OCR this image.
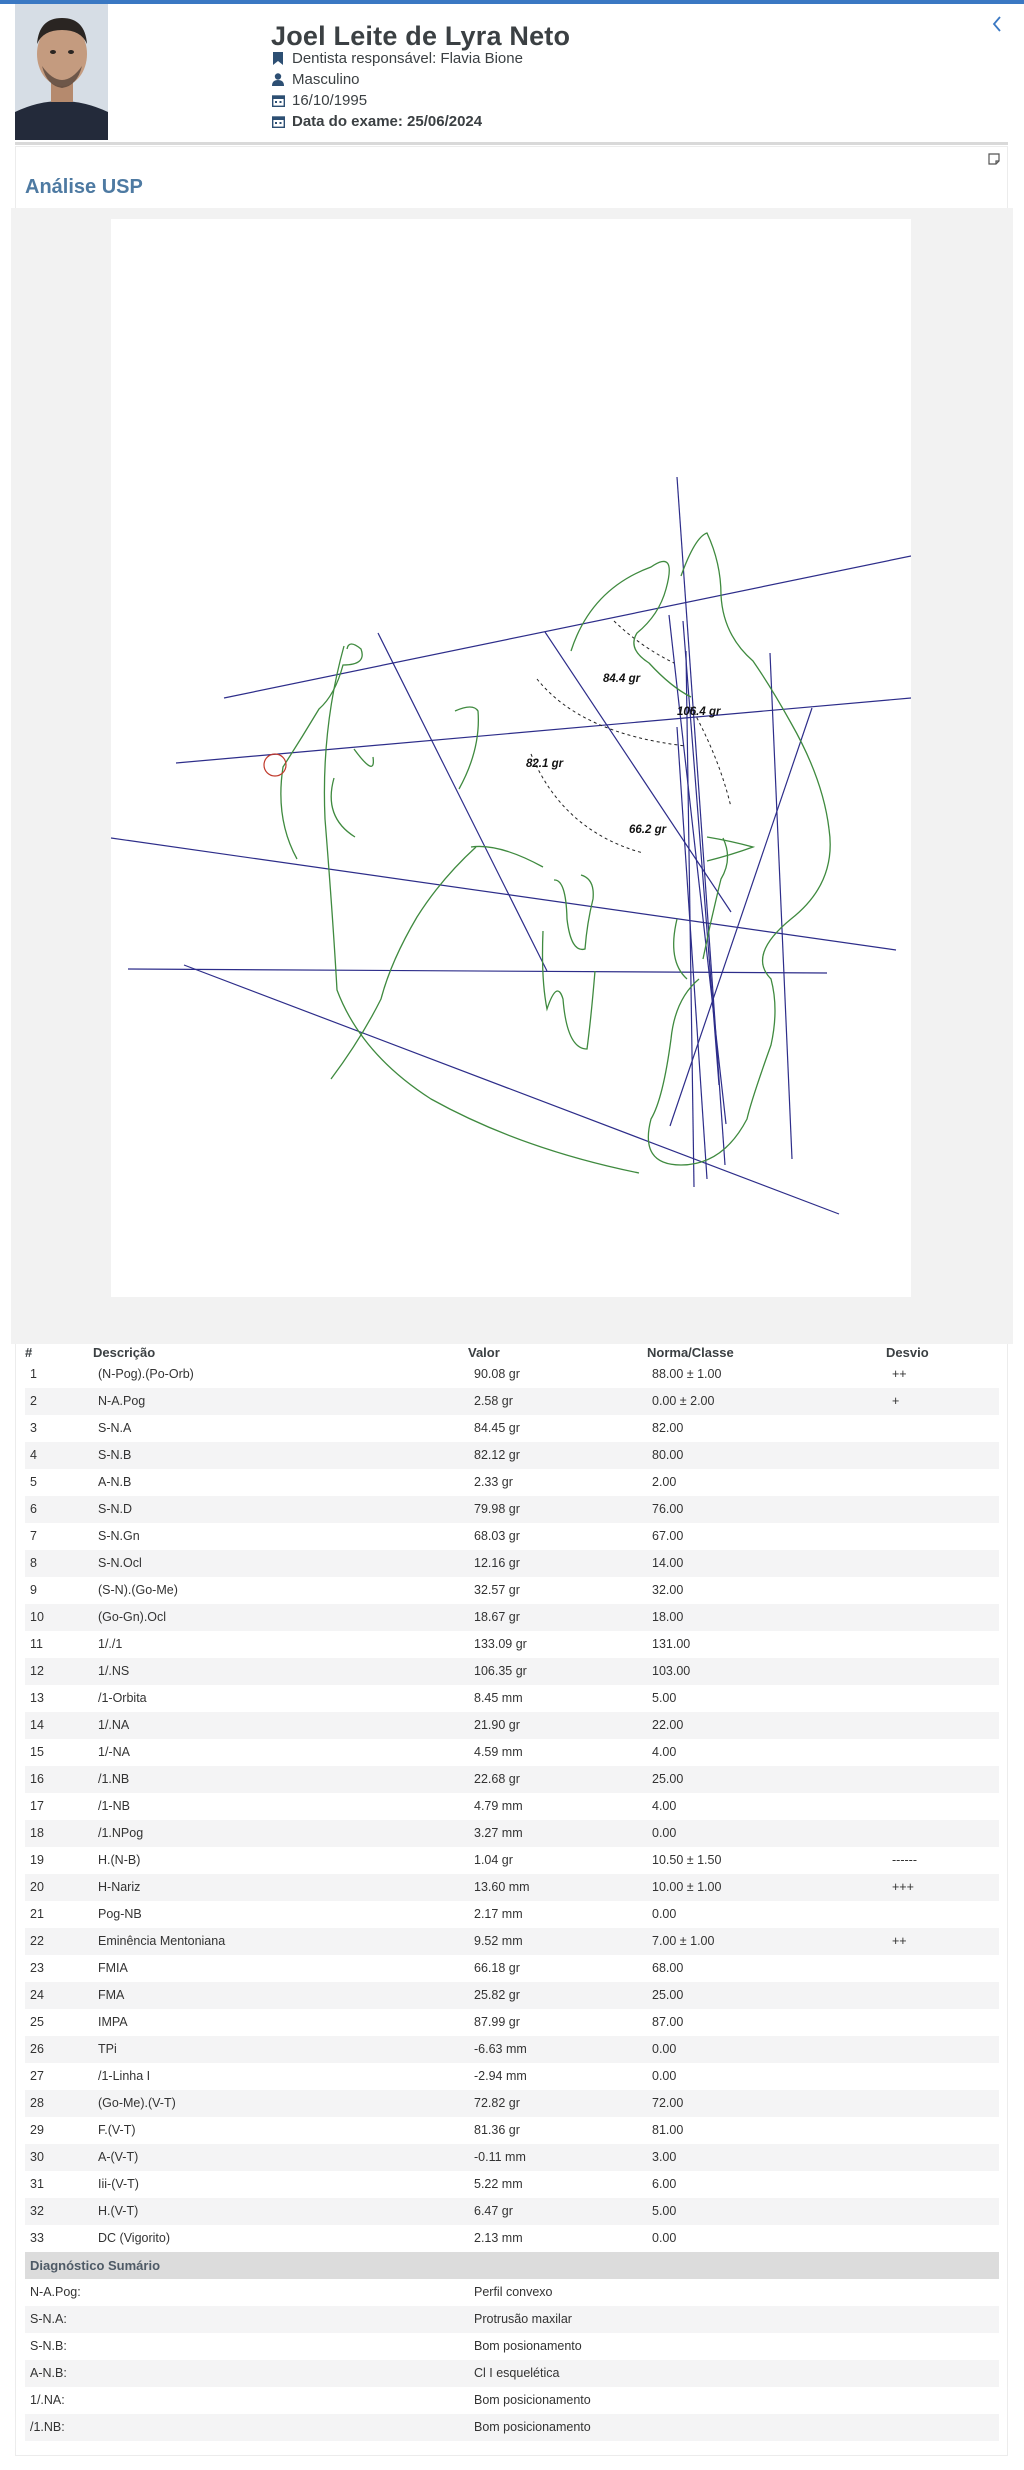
Joel Leite de Lyra Neto
Dentista responsável: Flavia Bione
Masculino
16/10/1995
Data do exame: 25/06/2024
Análise USP
84.4 gr
106.4 gr
82.1 gr
66.2 gr
#	Descrição	Valor	Norma/Classe	Desvio
1	(N-Pog).(Po-Orb)	90.08 gr	88.00 ± 1.00	++
2	N-A.Pog	2.58 gr	0.00 ± 2.00	+
3	S-N.A	84.45 gr	82.00
4	S-N.B	82.12 gr	80.00
5	A-N.B	2.33 gr	2.00
6	S-N.D	79.98 gr	76.00
7	S-N.Gn	68.03 gr	67.00
8	S-N.Ocl	12.16 gr	14.00
9	(S-N).(Go-Me)	32.57 gr	32.00
10	(Go-Gn).Ocl	18.67 gr	18.00
11	1/./1	133.09 gr	131.00
12	1/.NS	106.35 gr	103.00
13	/1-Orbita	8.45 mm	5.00
14	1/.NA	21.90 gr	22.00
15	1/-NA	4.59 mm	4.00
16	/1.NB	22.68 gr	25.00
17	/1-NB	4.79 mm	4.00
18	/1.NPog	3.27 mm	0.00
19	H.(N-B)	1.04 gr	10.50 ± 1.50	------
20	H-Nariz	13.60 mm	10.00 ± 1.00	+++
21	Pog-NB	2.17 mm	0.00
22	Eminência Mentoniana	9.52 mm	7.00 ± 1.00	++
23	FMIA	66.18 gr	68.00
24	FMA	25.82 gr	25.00
25	IMPA	87.99 gr	87.00
26	TPi	-6.63 mm	0.00
27	/1-Linha I	-2.94 mm	0.00
28	(Go-Me).(V-T)	72.82 gr	72.00
29	F.(V-T)	81.36 gr	81.00
30	A-(V-T)	-0.11 mm	3.00
31	Iii-(V-T)	5.22 mm	6.00
32	H.(V-T)	6.47 gr	5.00
33	DC (Vigorito)	2.13 mm	0.00
Diagnóstico Sumário
N-A.Pog:	Perfil convexo
S-N.A:	Protrusão maxilar
S-N.B:	Bom posionamento
A-N.B:	Cl I esquelética
1/.NA:	Bom posicionamento
/1.NB:	Bom posicionamento
